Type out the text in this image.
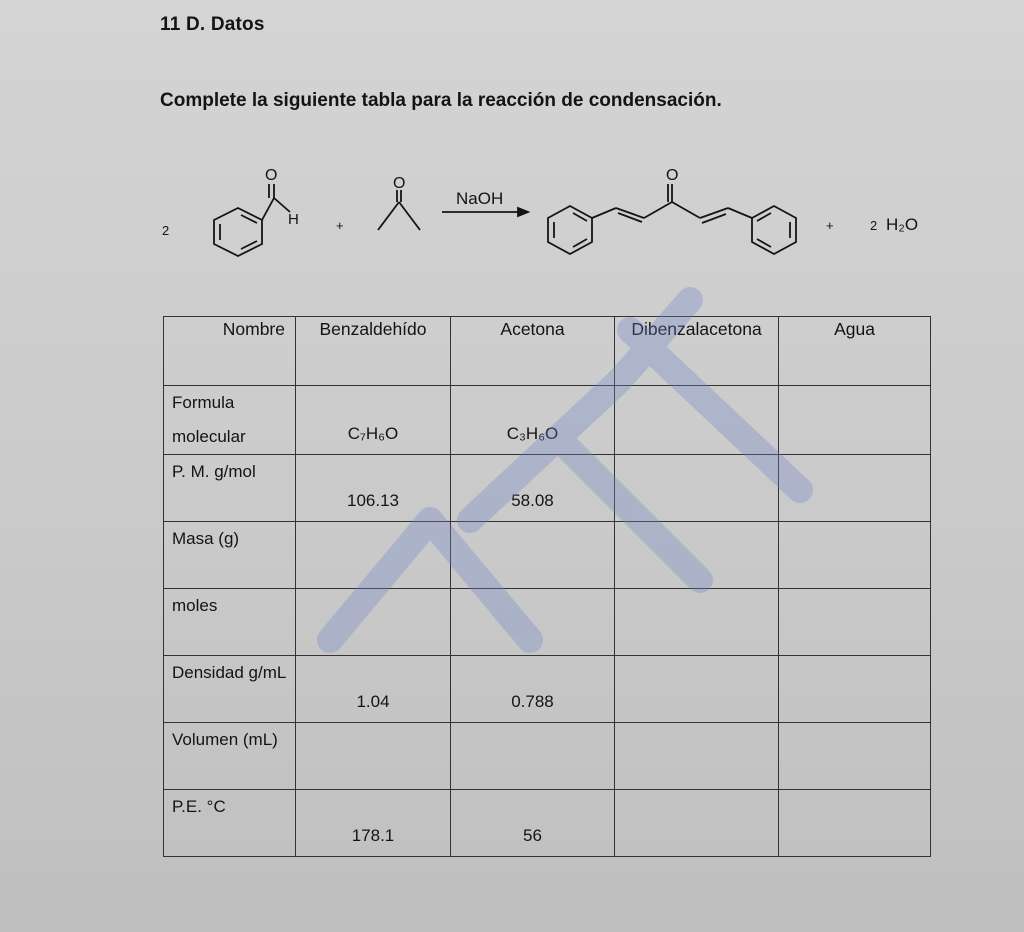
11 D. Datos
Complete la siguiente tabla para la reacción de condensación.
2
O
H	+
O
NaOH
O
+	2 H₂O
Nombre	Benzaldehído	Acetona	Dibenzalacetona	Agua
Formula molecular	C₇H₆O	C₃H₆O		

P. M. g/mol	106.13	58.08		

Masa (g)	

moles	

Densidad g/mL	1.04	0.788		

Volumen (mL)	

P.E. °C	178.1	56		
